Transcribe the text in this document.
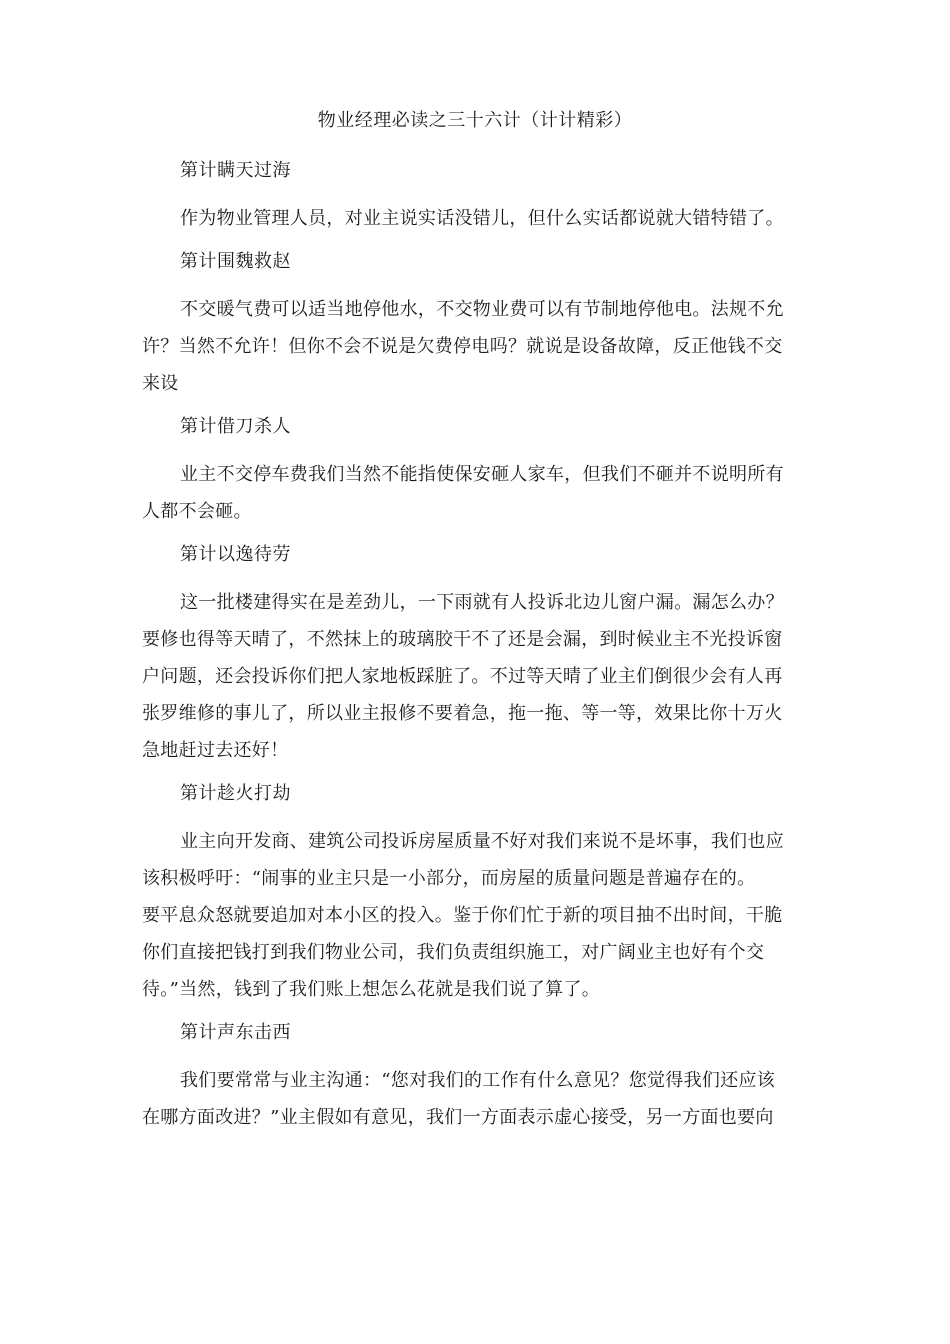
物业经理必读之三十六计（计计精彩）
第计瞒天过海

作为物业管理人员，对业主说实话没错儿，但什么实话都说就大错特错了。

第计围魏救赵

不交暖气费可以适当地停他水，不交物业费可以有节制地停他电。法规不允
许？当然不允许！但你不会不说是欠费停电吗？就说是设备故障，反正他钱不交
来设

第计借刀杀人

业主不交停车费我们当然不能指使保安砸人家车，但我们不砸并不说明所有
人都不会砸。

第计以逸待劳

这一批楼建得实在是差劲儿，一下雨就有人投诉北边儿窗户漏。漏怎么办？
要修也得等天晴了，不然抹上的玻璃胶干不了还是会漏，到时候业主不光投诉窗
户问题，还会投诉你们把人家地板踩脏了。不过等天晴了业主们倒很少会有人再
张罗维修的事儿了，所以业主报修不要着急，拖一拖、等一等，效果比你十万火
急地赶过去还好！

第计趁火打劫

业主向开发商、建筑公司投诉房屋质量不好对我们来说不是坏事，我们也应
该积极呼吁：“闹事的业主只是一小部分，而房屋的质量问题是普遍存在的。
要平息众怒就要追加对本小区的投入。鉴于你们忙于新的项目抽不出时间，干脆
你们直接把钱打到我们物业公司，我们负责组织施工，对广阔业主也好有个交
待。”当然，钱到了我们账上想怎么花就是我们说了算了。

第计声东击西

我们要常常与业主沟通：“您对我们的工作有什么意见？您觉得我们还应该
在哪方面改进？”业主假如有意见，我们一方面表示虚心接受，另一方面也要向
